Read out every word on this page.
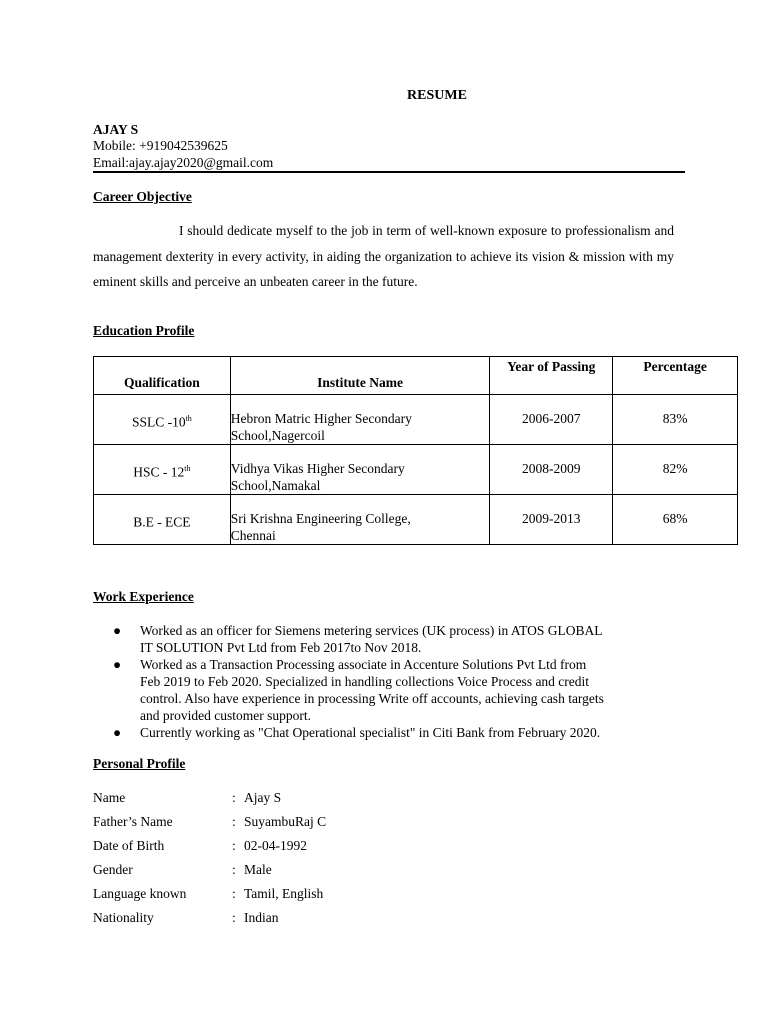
RESUME
AJAY S
Mobile: +919042539625
Email:ajay.ajay2020@gmail.com
Career Objective
I should dedicate myself to the job in term of well-known exposure to professionalism and management dexterity in every activity, in aiding the organization to achieve its vision & mission with my eminent skills and perceive an unbeaten career in the future.
Education Profile
Qualification	Institute Name	Year of Passing	Percentage

SSLC -10th	Hebron Matric Higher Secondary
School,Nagercoil	2006-2007	83%
HSC - 12th	Vidhya Vikas Higher Secondary
School,Namakal	2008-2009	82%
B.E - ECE	Sri Krishna Engineering College,
Chennai	2009-2013	68%
Work Experience
● Worked as an officer for Siemens metering services (UK process) in ATOS GLOBAL
IT SOLUTION Pvt Ltd from Feb 2017to Nov 2018.
● Worked as a Transaction Processing associate in Accenture Solutions Pvt Ltd from
Feb 2019 to Feb 2020. Specialized in handling collections Voice Process and credit
control. Also have experience in processing Write off accounts, achieving cash targets
and provided customer support.
● Currently working as "Chat Operational specialist" in Citi Bank from February 2020.
Personal Profile
Name	: Ajay S
Father’s Name	: SuyambuRaj C
Date of Birth	: 02-04-1992
Gender	: Male
Language known	: Tamil, English
Nationality	: Indian
